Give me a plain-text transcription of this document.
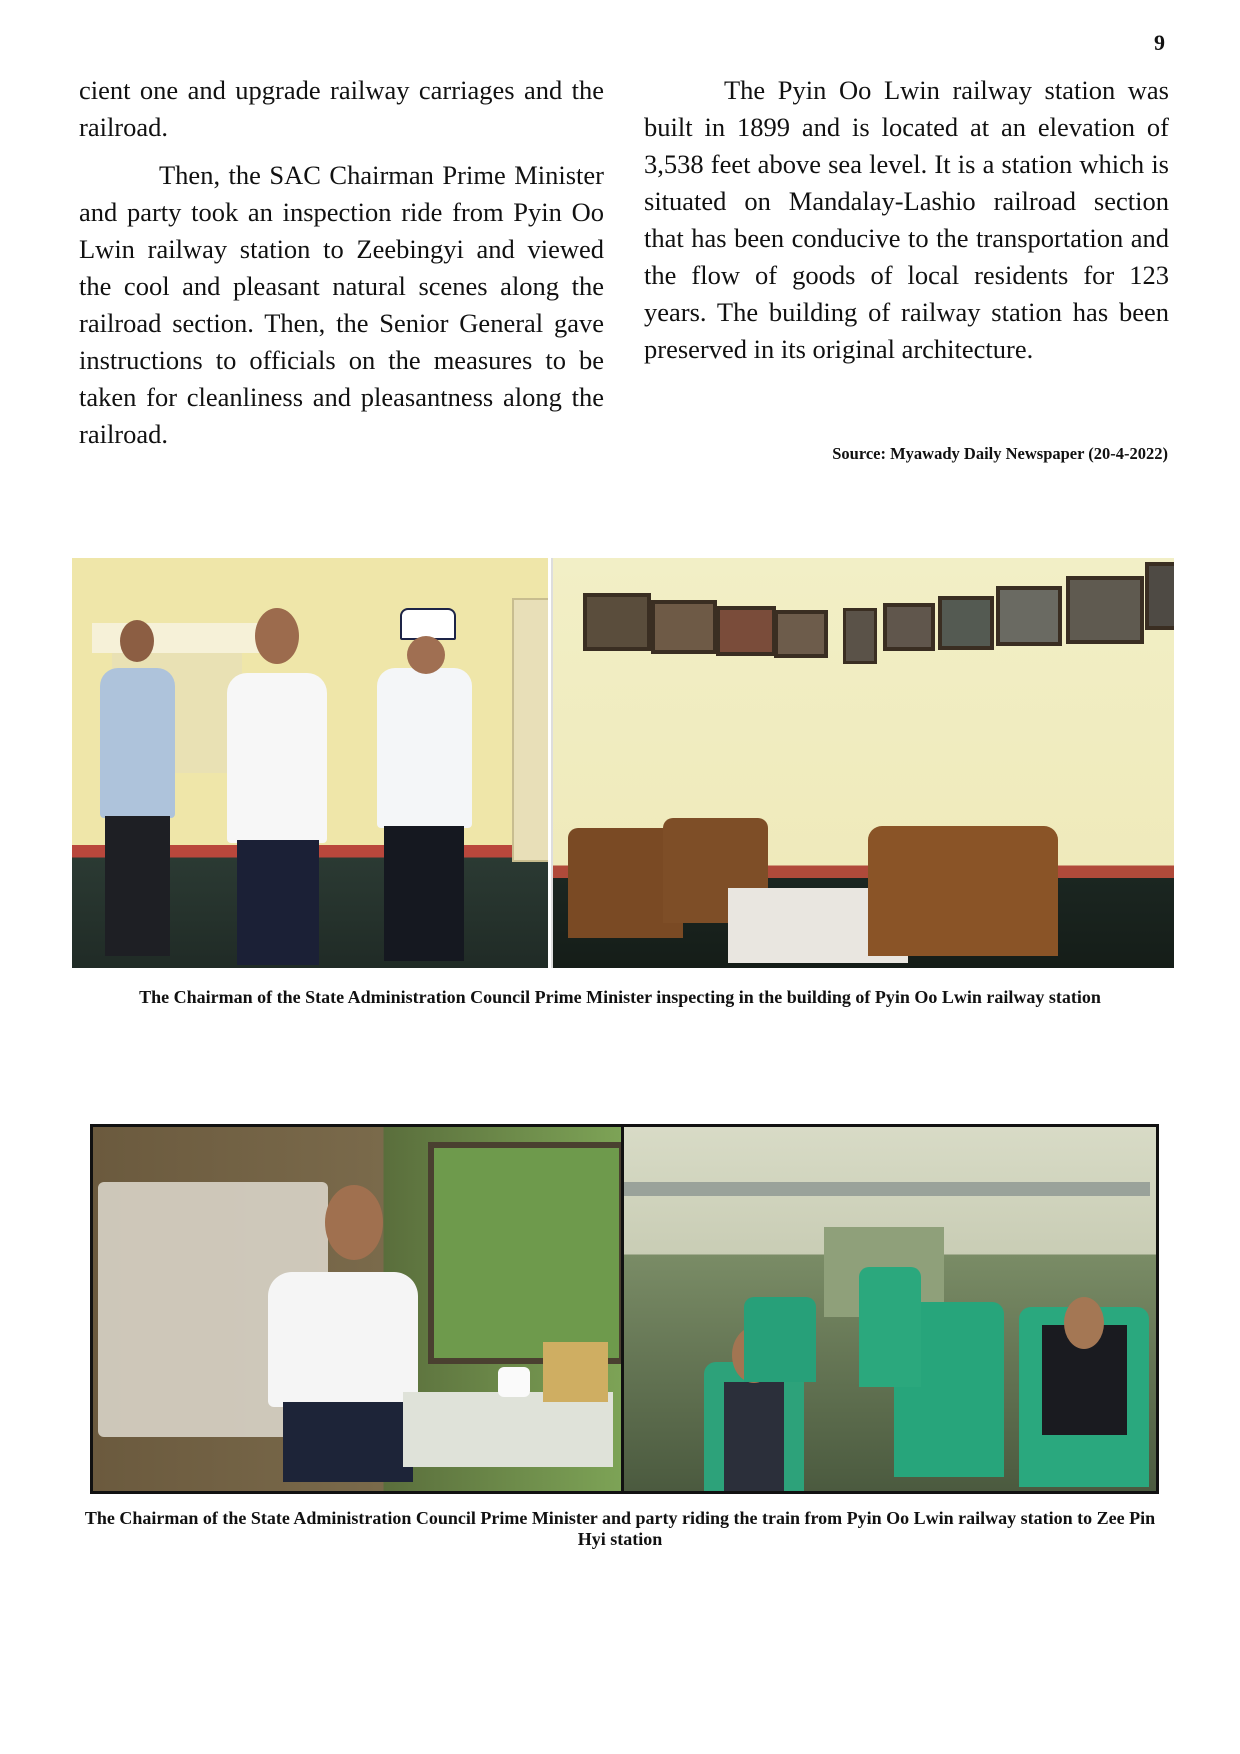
9

cient one and upgrade railway carriages and the railroad.

Then, the SAC Chairman Prime Minister and party took an inspection ride from Pyin Oo Lwin railway station to Zeebingyi and viewed the cool and pleasant natural scenes along the railroad section. Then, the Senior General gave instructions to officials on the measures to be taken for cleanliness and pleasantness along the railroad.

The Pyin Oo Lwin railway station was built in 1899 and is located at an elevation of 3,538 feet above sea level. It is a station which is situated on Mandalay-Lashio railroad section that has been conducive to the transportation and the flow of goods of local residents for 123 years. The building of railway station has been preserved in its original architecture.

Source: Myawady Daily Newspaper (20-4-2022)
The Chairman of the State Administration Council Prime Minister inspecting in the building of Pyin Oo Lwin railway station
The Chairman of the State Administration Council Prime Minister and party riding the train from Pyin Oo Lwin railway station to Zee Pin Hyi station
